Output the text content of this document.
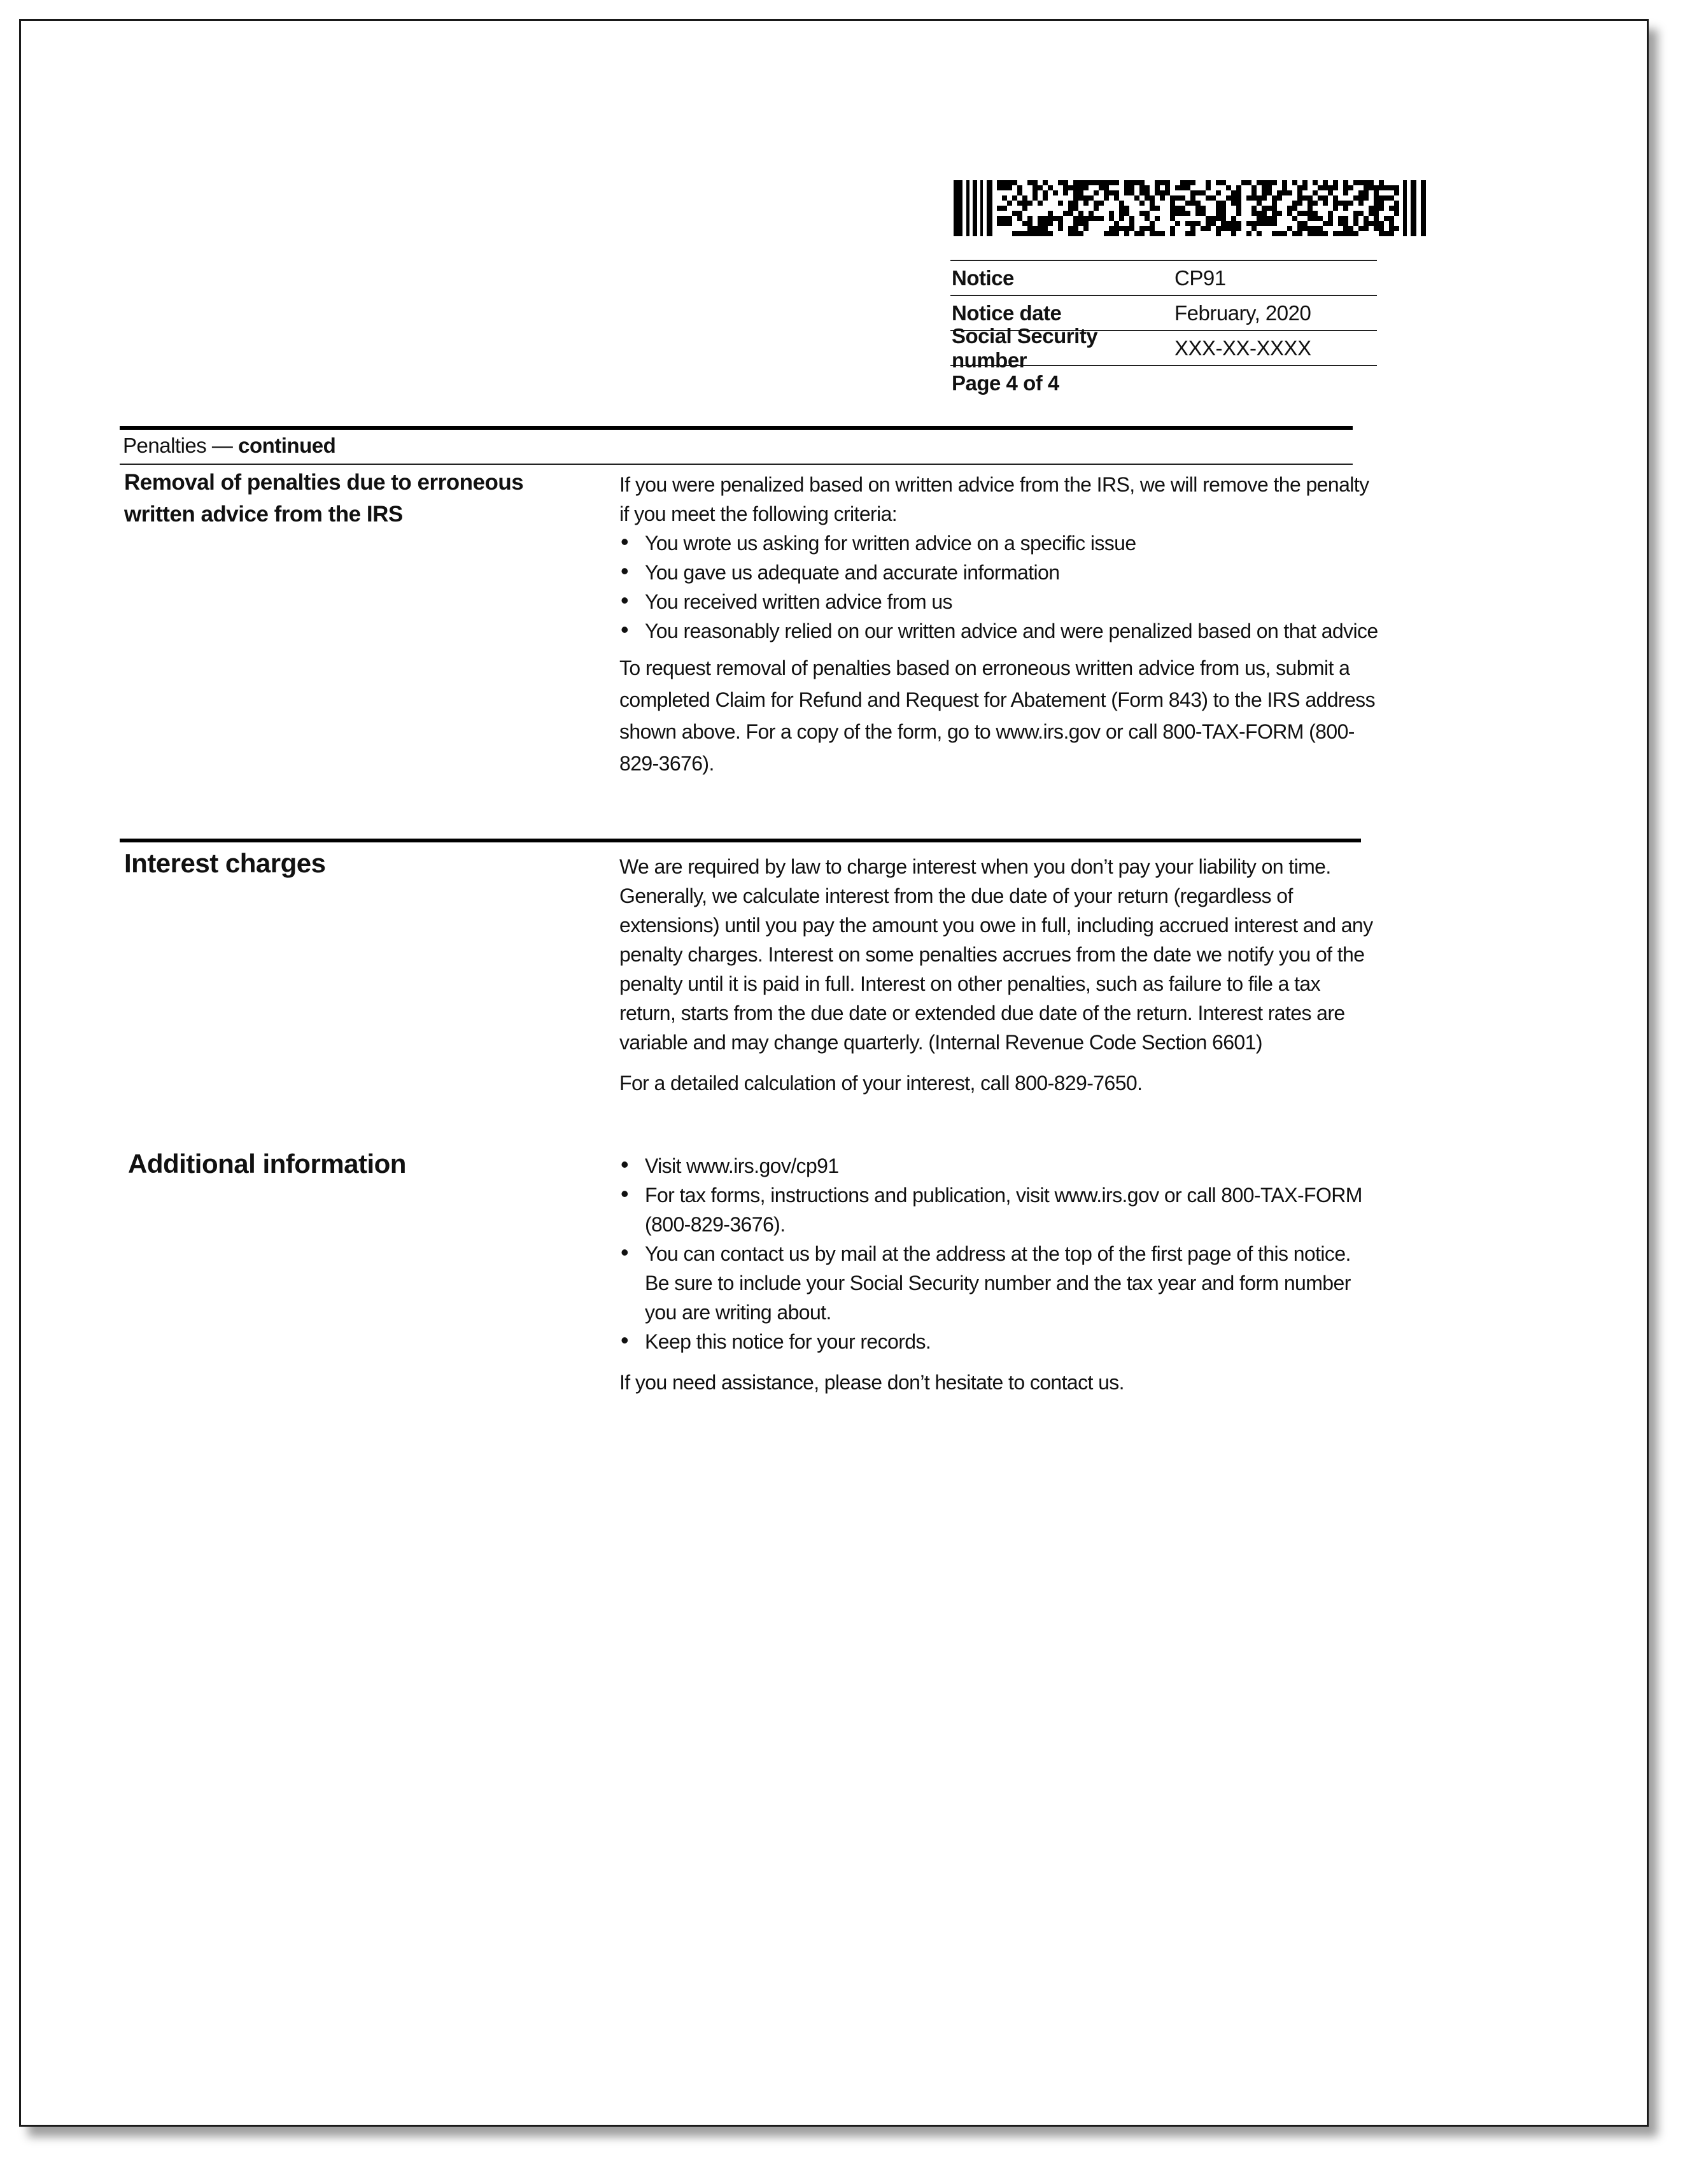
Notice	CP91
Notice date	February, 2020
Social Security number
XXX-XX-XXXX
Page 4 of 4
Penalties — continued
Removal of penalties due to erroneous written advice from the IRS

If you were penalized based on written advice from the IRS, we will remove the penalty if you meet the following criteria:

• You wrote us asking for written advice on a specific issue
• You gave us adequate and accurate information
• You received written advice from us
• You reasonably relied on our written advice and were penalized based on that advice

To request removal of penalties based on erroneous written advice from us, submit a completed Claim for Refund and Request for Abatement (Form 843) to the IRS address shown above. For a copy of the form, go to www.irs.gov or call 800-TAX-FORM (800-829-3676).

Interest charges	We are required by law to charge interest when you don’t pay your liability on time. Generally, we calculate interest from the due date of your return (regardless of extensions) until you pay the amount you owe in full, including accrued interest and any penalty charges. Interest on some penalties accrues from the date we notify you of the penalty until it is paid in full. Interest on other penalties, such as failure to file a tax return, starts from the due date or extended due date of the return. Interest rates are variable and may change quarterly. (Internal Revenue Code Section 6601)

For a detailed calculation of your interest, call 800-829-7650.

Additional information
•	Visit www.irs.gov/cp91
• For tax forms, instructions and publication, visit www.irs.gov or call 800-TAX-FORM (800-829-3676).
• You can contact us by mail at the address at the top of the first page of this notice. Be sure to include your Social Security number and the tax year and form number you are writing about.
• Keep this notice for your records.

If you need assistance, please don’t hesitate to contact us.
